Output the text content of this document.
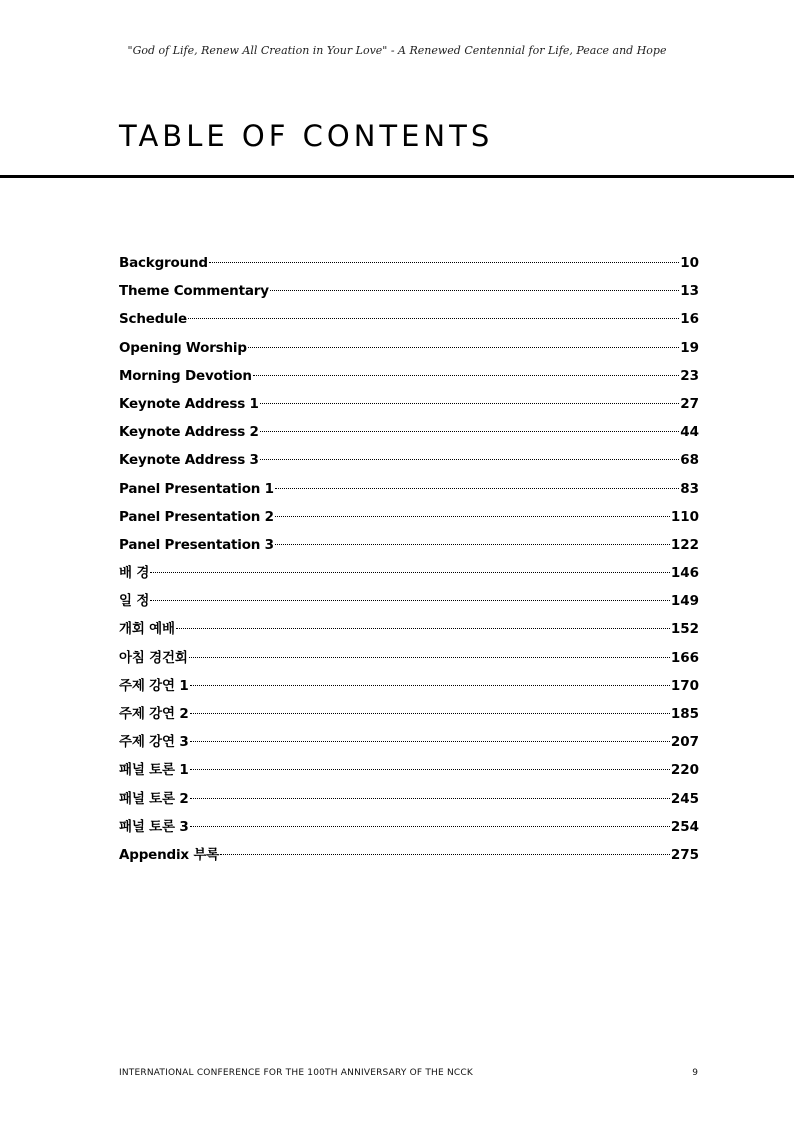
"God of Life, Renew All Creation in Your Love" - A Renewed Centennial for Life, Peace and Hope
TABLE OF CONTENTS
Background	10
Theme Commentary	13
Schedule	16
Opening Worship	19
Morning Devotion	23
Keynote Address 1	27
Keynote Address 2	44
Keynote Address 3	68
Panel Presentation 1	83
Panel Presentation 2	110
Panel Presentation 3	122
배 경	146
일 정	149
개회 예배	152
아침 경건회	166
주제 강연 1	170
주제 강연 2	185
주제 강연 3	207
패널 토론 1	220
패널 토론 2	245
패널 토론 3	254
Appendix 부록	275
INTERNATIONAL CONFERENCE FOR THE 100TH ANNIVERSARY OF THE NCCK	9
